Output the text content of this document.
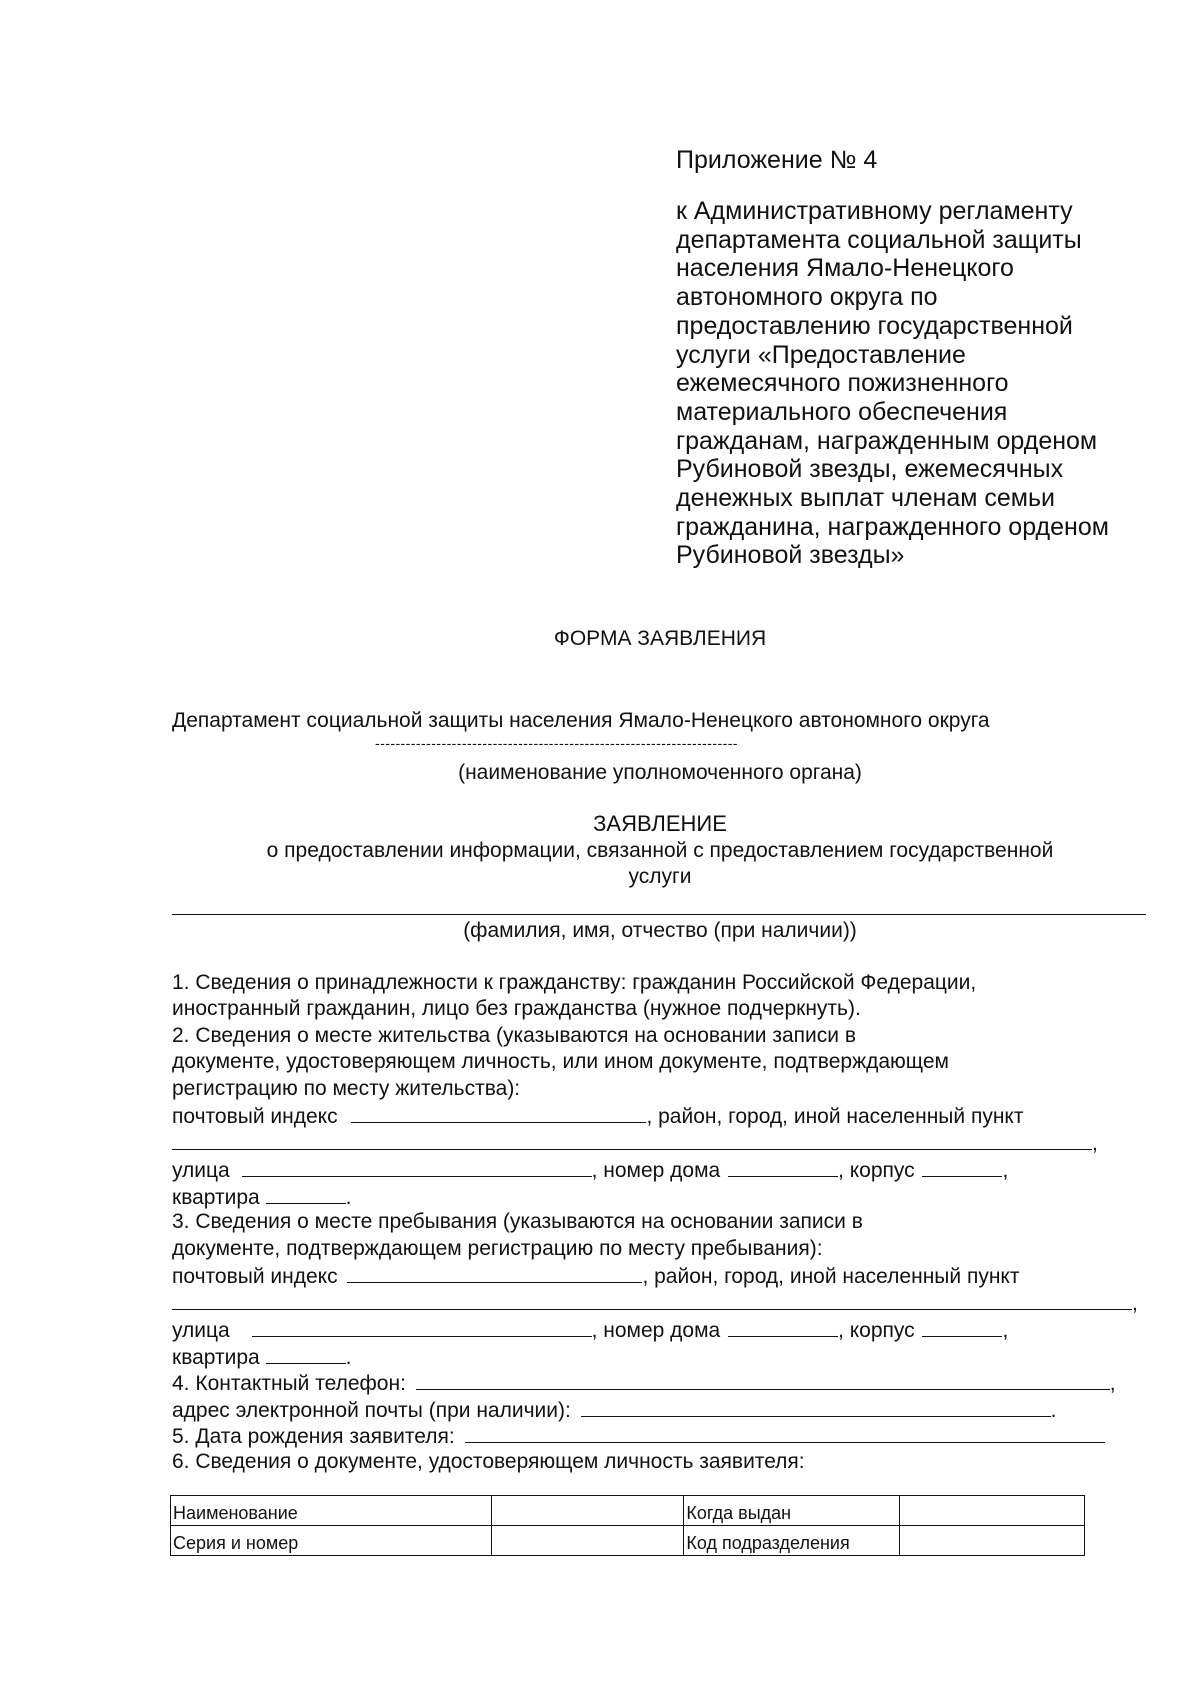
Приложение № 4
к Административному регламенту
департамента социальной защиты
населения Ямало-Ненецкого
автономного округа по
предоставлению государственной
услуги «Предоставление
ежемесячного пожизненного
материального обеспечения
гражданам, награжденным орденом
Рубиновой звезды, ежемесячных
денежных выплат членам семьи
гражданина, награжденного орденом
Рубиновой звезды»
ФОРМА ЗАЯВЛЕНИЯ
Департамент социальной защиты населения Ямало-Ненецкого автономного округа
-----------------------------------------------------------------------
(наименование уполномоченного органа)
ЗАЯВЛЕНИЕ
о предоставлении информации, связанной с предоставлением государственной
услуги
(фамилия, имя, отчество (при наличии))
1. Сведения о принадлежности к гражданству: гражданин Российской Федерации,
иностранный гражданин, лицо без гражданства (нужное подчеркнуть).
2. Сведения о месте жительства (указываются на основании записи в
документе, удостоверяющем личность, или ином документе, подтверждающем
регистрацию по месту жительства):
почтовый индекс	, район, город, иной населенный пункт
,
улица	, номер дома	, корпус	,
квартира	.
3. Сведения о месте пребывания (указываются на основании записи в
документе, подтверждающем регистрацию по месту пребывания):
почтовый индекс	, район, город, иной населенный пункт
,
улица	, номер дома	, корпус	,
квартира	.
4. Контактный телефон:	,
адрес электронной почты (при наличии):	.
5. Дата рождения заявителя:
6. Сведения о документе, удостоверяющем личность заявителя:
Наименование		Когда выдан	
Серия и номер		Код подразделения	
